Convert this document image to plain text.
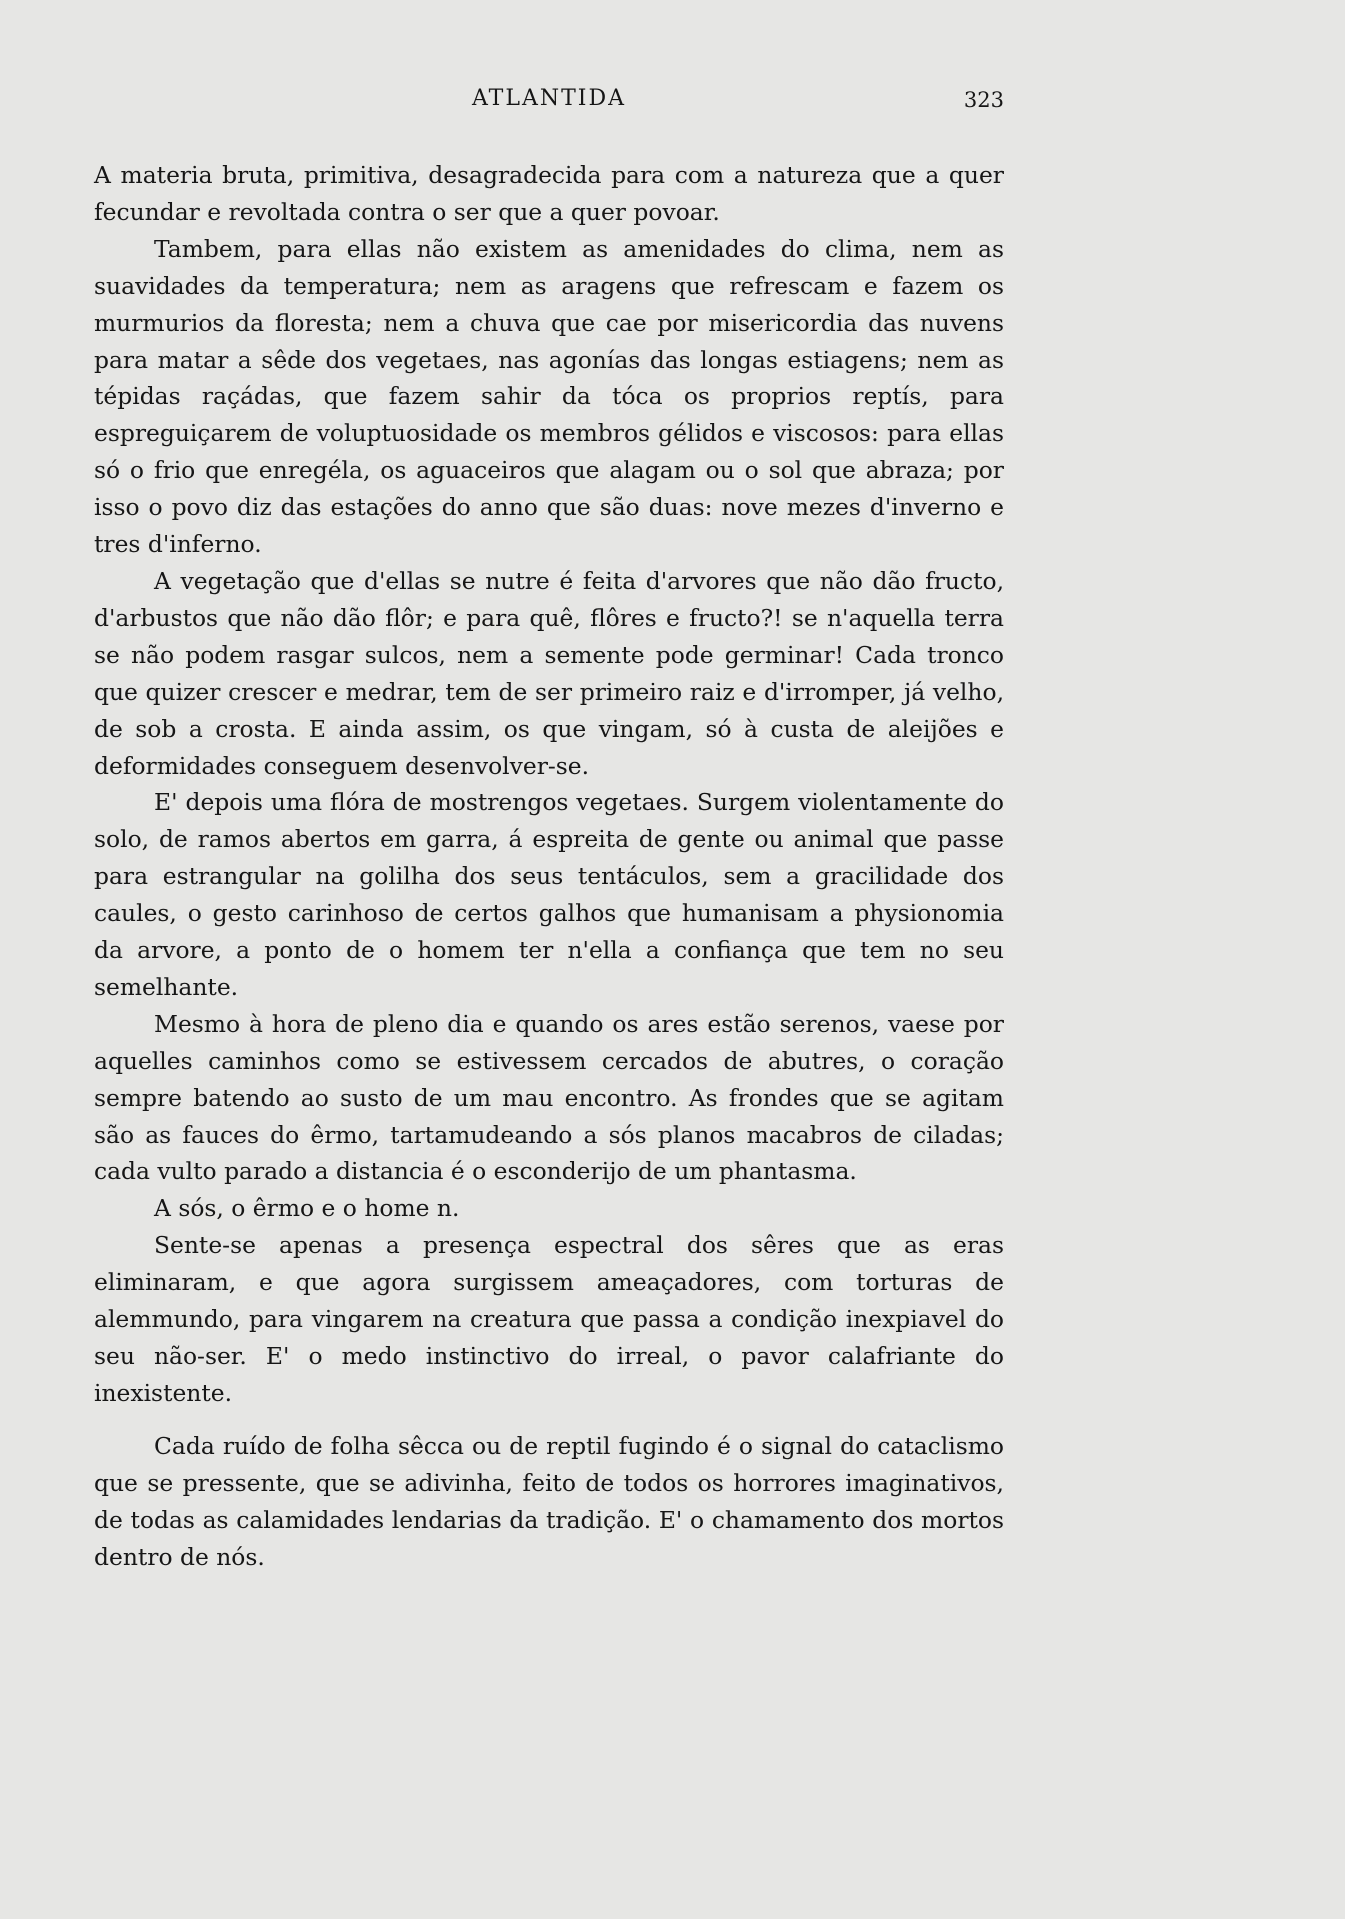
ATLANTIDA	323

A materia bruta, primitiva, desagradecida para com a natureza que a quer fecundar e revoltada contra o ser que a quer povoar.

Tambem, para ellas não existem as amenidades do clima, nem as suavidades da temperatura; nem as aragens que refrescam e fazem os murmurios da floresta; nem a chuva que cae por misericordia das nuvens para matar a sêde dos vegetaes, nas agonías das longas estiagens; nem as tépidas raçádas, que fazem sahir da tóca os proprios reptís, para espreguiçarem de voluptuosidade os membros gélidos e viscosos: para ellas só o frio que enregéla, os aguaceiros que alagam ou o sol que abraza; por isso o povo diz das estações do anno que são duas: nove mezes d'inverno e tres d'inferno.

A vegetação que d'ellas se nutre é feita d'arvores que não dão fructo, d'arbustos que não dão flôr; e para quê, flôres e fructo?! se n'aquella terra se não podem rasgar sulcos, nem a semente pode germinar! Cada tronco que quizer crescer e medrar, tem de ser primeiro raiz e d'irromper, já velho, de sob a crosta. E ainda assim, os que vingam, só à custa de aleijões e deformidades conseguem desenvolver-se.

E' depois uma flóra de mostrengos vegetaes. Surgem violentamente do solo, de ramos abertos em garra, á espreita de gente ou animal que passe para estrangular na golilha dos seus tentáculos, sem a gracilidade dos caules, o gesto carinhoso de certos galhos que humanisam a physionomia da arvore, a ponto de o homem ter n'ella a confiança que tem no seu semelhante.

Mesmo à hora de pleno dia e quando os ares estão serenos, vaese por aquelles caminhos como se estivessem cercados de abutres, o coração sempre batendo ao susto de um mau encontro. As frondes que se agitam são as fauces do êrmo, tartamudeando a sós planos macabros de ciladas; cada vulto parado a distancia é o esconderijo de um phantasma.

A sós, o êrmo e o home n.

Sente-se apenas a presença espectral dos sêres que as eras eliminaram, e que agora surgissem ameaçadores, com torturas de alemmundo, para vingarem na creatura que passa a condição inexpiavel do seu não-ser. E' o medo instinctivo do irreal, o pavor calafriante do inexistente.

Cada ruído de folha sêcca ou de reptil fugindo é o signal do cataclismo que se pressente, que se adivinha, feito de todos os horrores imaginativos, de todas as calamidades lendarias da tradição. E' o chamamento dos mortos dentro de nós.
